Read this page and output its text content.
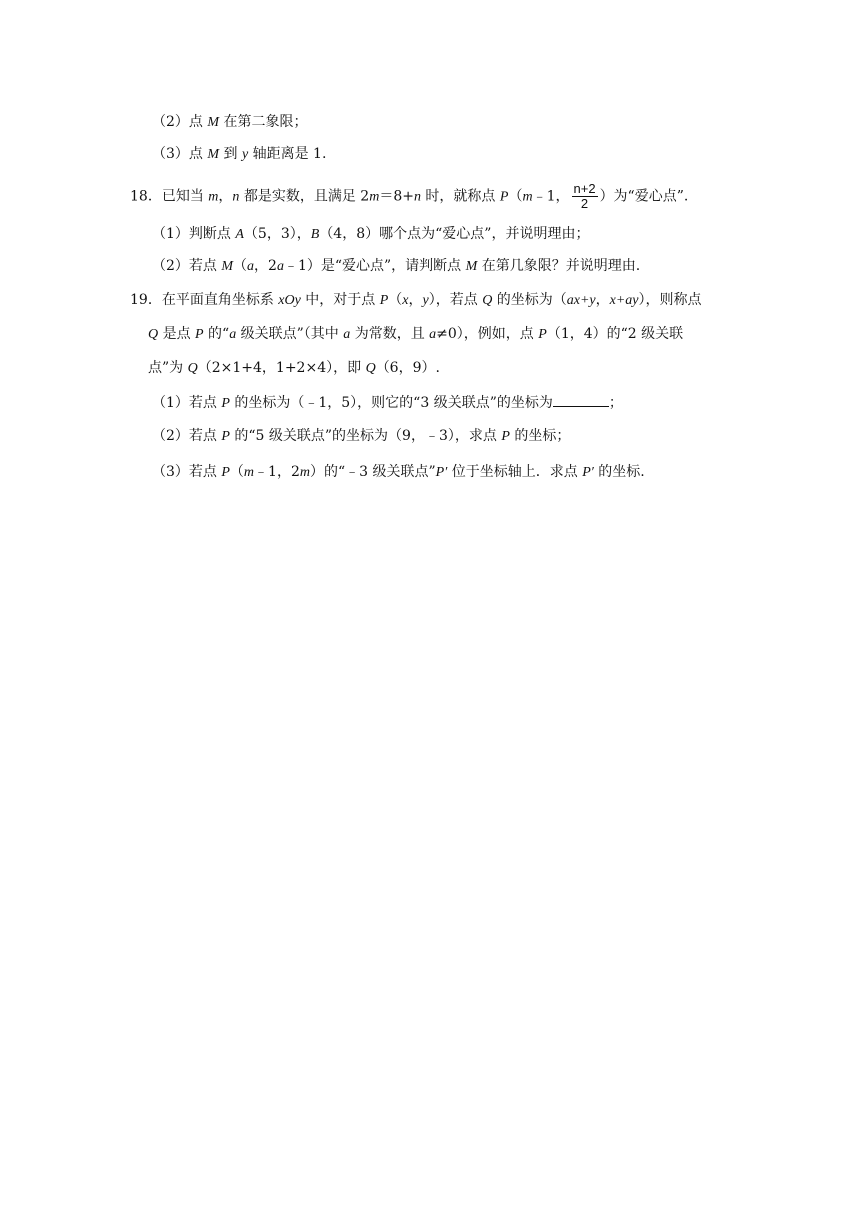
（2）点 M 在第二象限；
（3）点 M 到 y 轴距离是 1.
18．已知当 m，n 都是实数，且满足 2m＝8+n 时，就称点 P（m﹣1， $\frac{n+2}{2}$ ）为“爱心点”.
（1）判断点 A（5，3），B（4，8）哪个点为“爱心点”，并说明理由；
（2）若点 M（a，2a﹣1）是“爱心点”，请判断点 M 在第几象限？并说明理由.
19．在平面直角坐标系 xOy 中，对于点 P（x，y），若点 Q 的坐标为（ax+y，x+ay），则称点
Q 是点 P 的“a 级关联点”（其中 a 为常数，且 a≠0），例如，点 P（1，4）的“2 级关联
点”为 Q（2×1+4，1+2×4），即 Q（6，9）.
（1）若点 P 的坐标为（﹣1，5），则它的“3 级关联点”的坐标为	；
（2）若点 P 的“5 级关联点”的坐标为（9，﹣3），求点 P 的坐标；
（3）若点 P（m﹣1，2m）的“﹣3 级关联点”P′ 位于坐标轴上．求点 P′ 的坐标.
